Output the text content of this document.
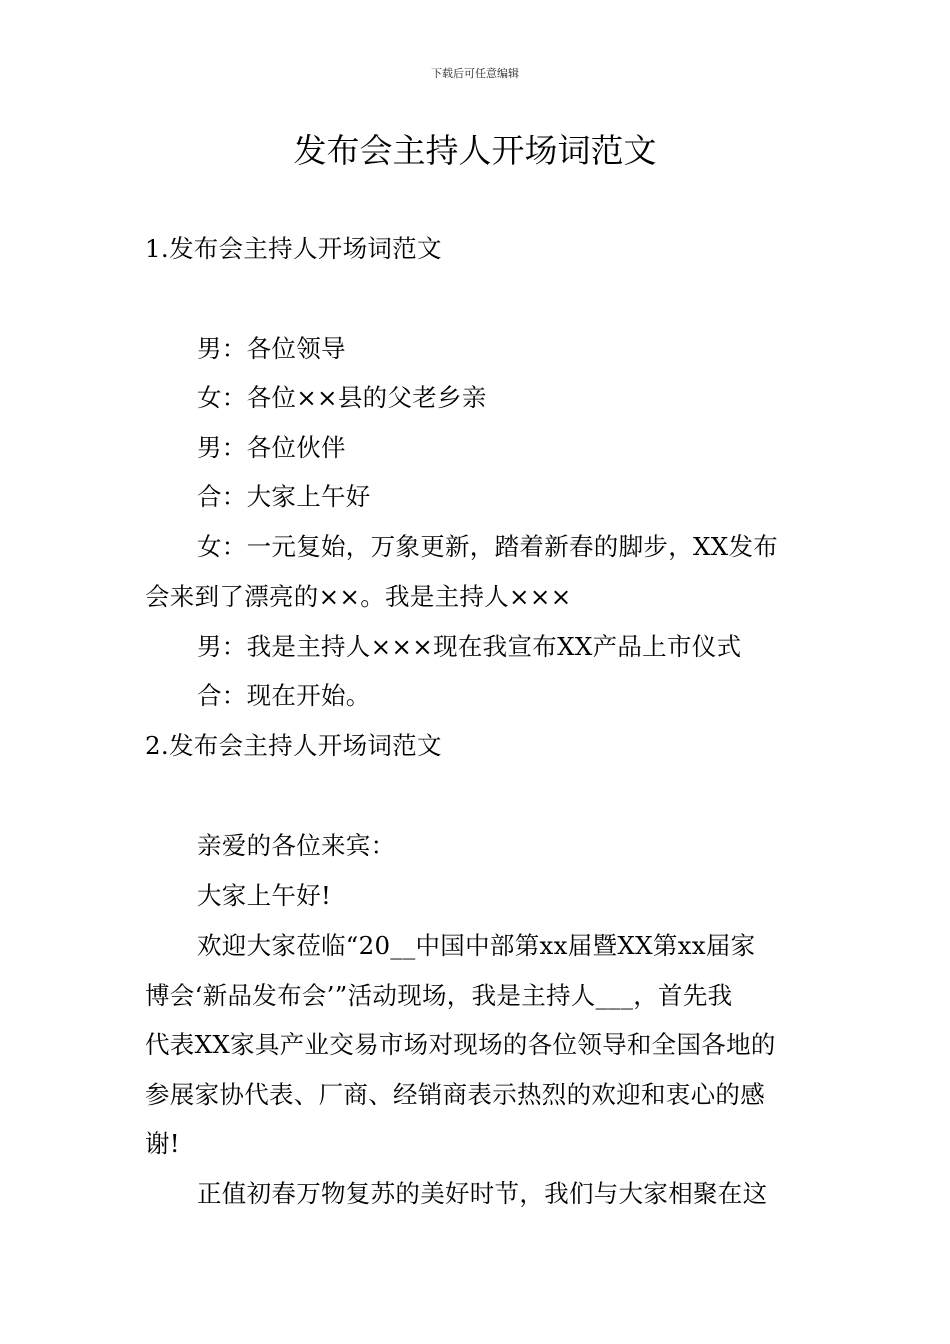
下载后可任意编辑
发布会主持人开场词范文
1.发布会主持人开场词范文
男：各位领导
女：各位××县的父老乡亲
男：各位伙伴
合：大家上午好
女：一元复始，万象更新，踏着新春的脚步，XX发布
会来到了漂亮的××。我是主持人×××
男：我是主持人×××现在我宣布XX产品上市仪式
合：现在开始。
2.发布会主持人开场词范文
亲爱的各位来宾：
大家上午好!
欢迎大家莅临“20__中国中部第xx届暨XX第xx届家
博会‘新品发布会’”活动现场，我是主持人___，首先我
代表XX家具产业交易市场对现场的各位领导和全国各地的
参展家协代表、厂商、经销商表示热烈的欢迎和衷心的感
谢!
正值初春万物复苏的美好时节，我们与大家相聚在这
